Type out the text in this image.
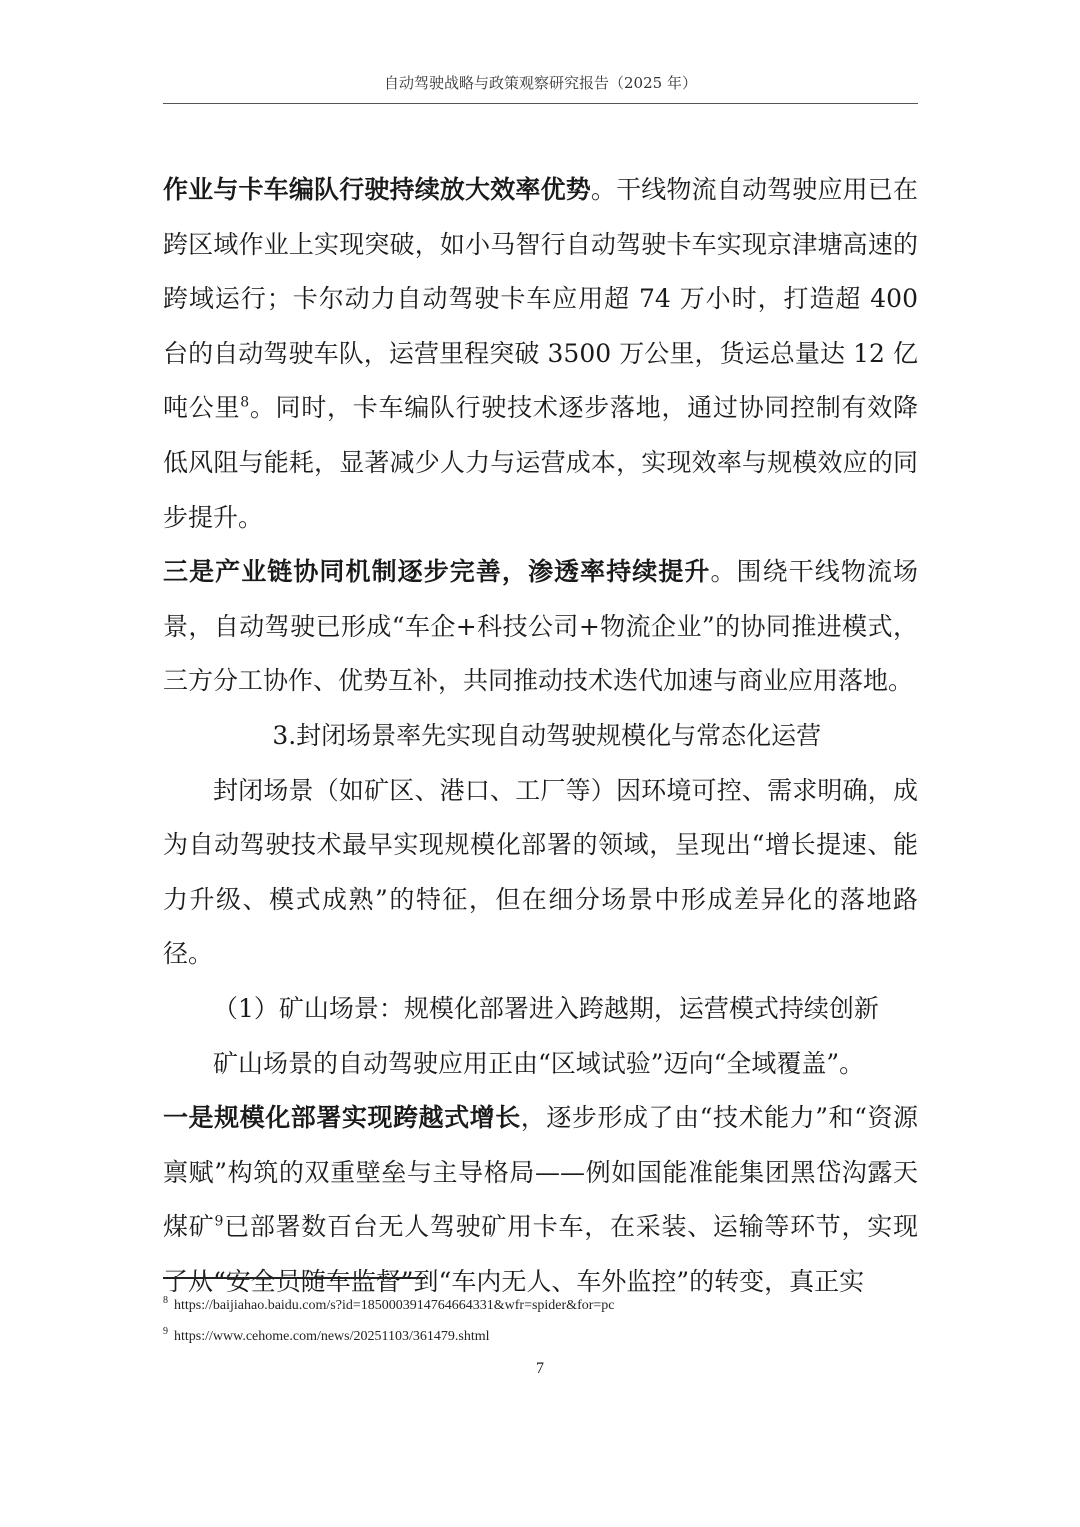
自动驾驶战略与政策观察研究报告（2025 年）

作业与卡车编队行驶持续放大效率优势。干线物流自动驾驶应用已在跨区域作业上实现突破，如小马智行自动驾驶卡车实现京津塘高速的跨域运行；卡尔动力自动驾驶卡车应用超 74 万小时，打造超 400 台的自动驾驶车队，运营里程突破 3500 万公里，货运总量达 12 亿吨公里$^8$。同时，卡车编队行驶技术逐步落地，通过协同控制有效降低风阻与能耗，显著减少人力与运营成本，实现效率与规模效应的同步提升。

三是产业链协同机制逐步完善，渗透率持续提升。围绕干线物流场景，自动驾驶已形成“车企+科技公司+物流企业”的协同推进模式，三方分工协作、优势互补，共同推动技术迭代加速与商业应用落地。

3.封闭场景率先实现自动驾驶规模化与常态化运营

封闭场景（如矿区、港口、工厂等）因环境可控、需求明确，成为自动驾驶技术最早实现规模化部署的领域，呈现出“增长提速、能力升级、模式成熟”的特征，但在细分场景中形成差异化的落地路径。

（1）矿山场景：规模化部署进入跨越期，运营模式持续创新

矿山场景的自动驾驶应用正由“区域试验”迈向“全域覆盖”。

一是规模化部署实现跨越式增长，逐步形成了由“技术能力”和“资源禀赋”构筑的双重壁垒与主导格局——例如国能准能集团黑岱沟露天煤矿$^9$已部署数百台无人驾驶矿用卡车，在采装、运输等环节，实现了从“安全员随车监督”到“车内无人、车外监控”的转变，真正实

$^8$ https://baijiahao.baidu.com/s?id=1850003914764664331&wfr=spider&for=pc

$^9$ https://www.cehome.com/news/20251103/361479.shtml

7
